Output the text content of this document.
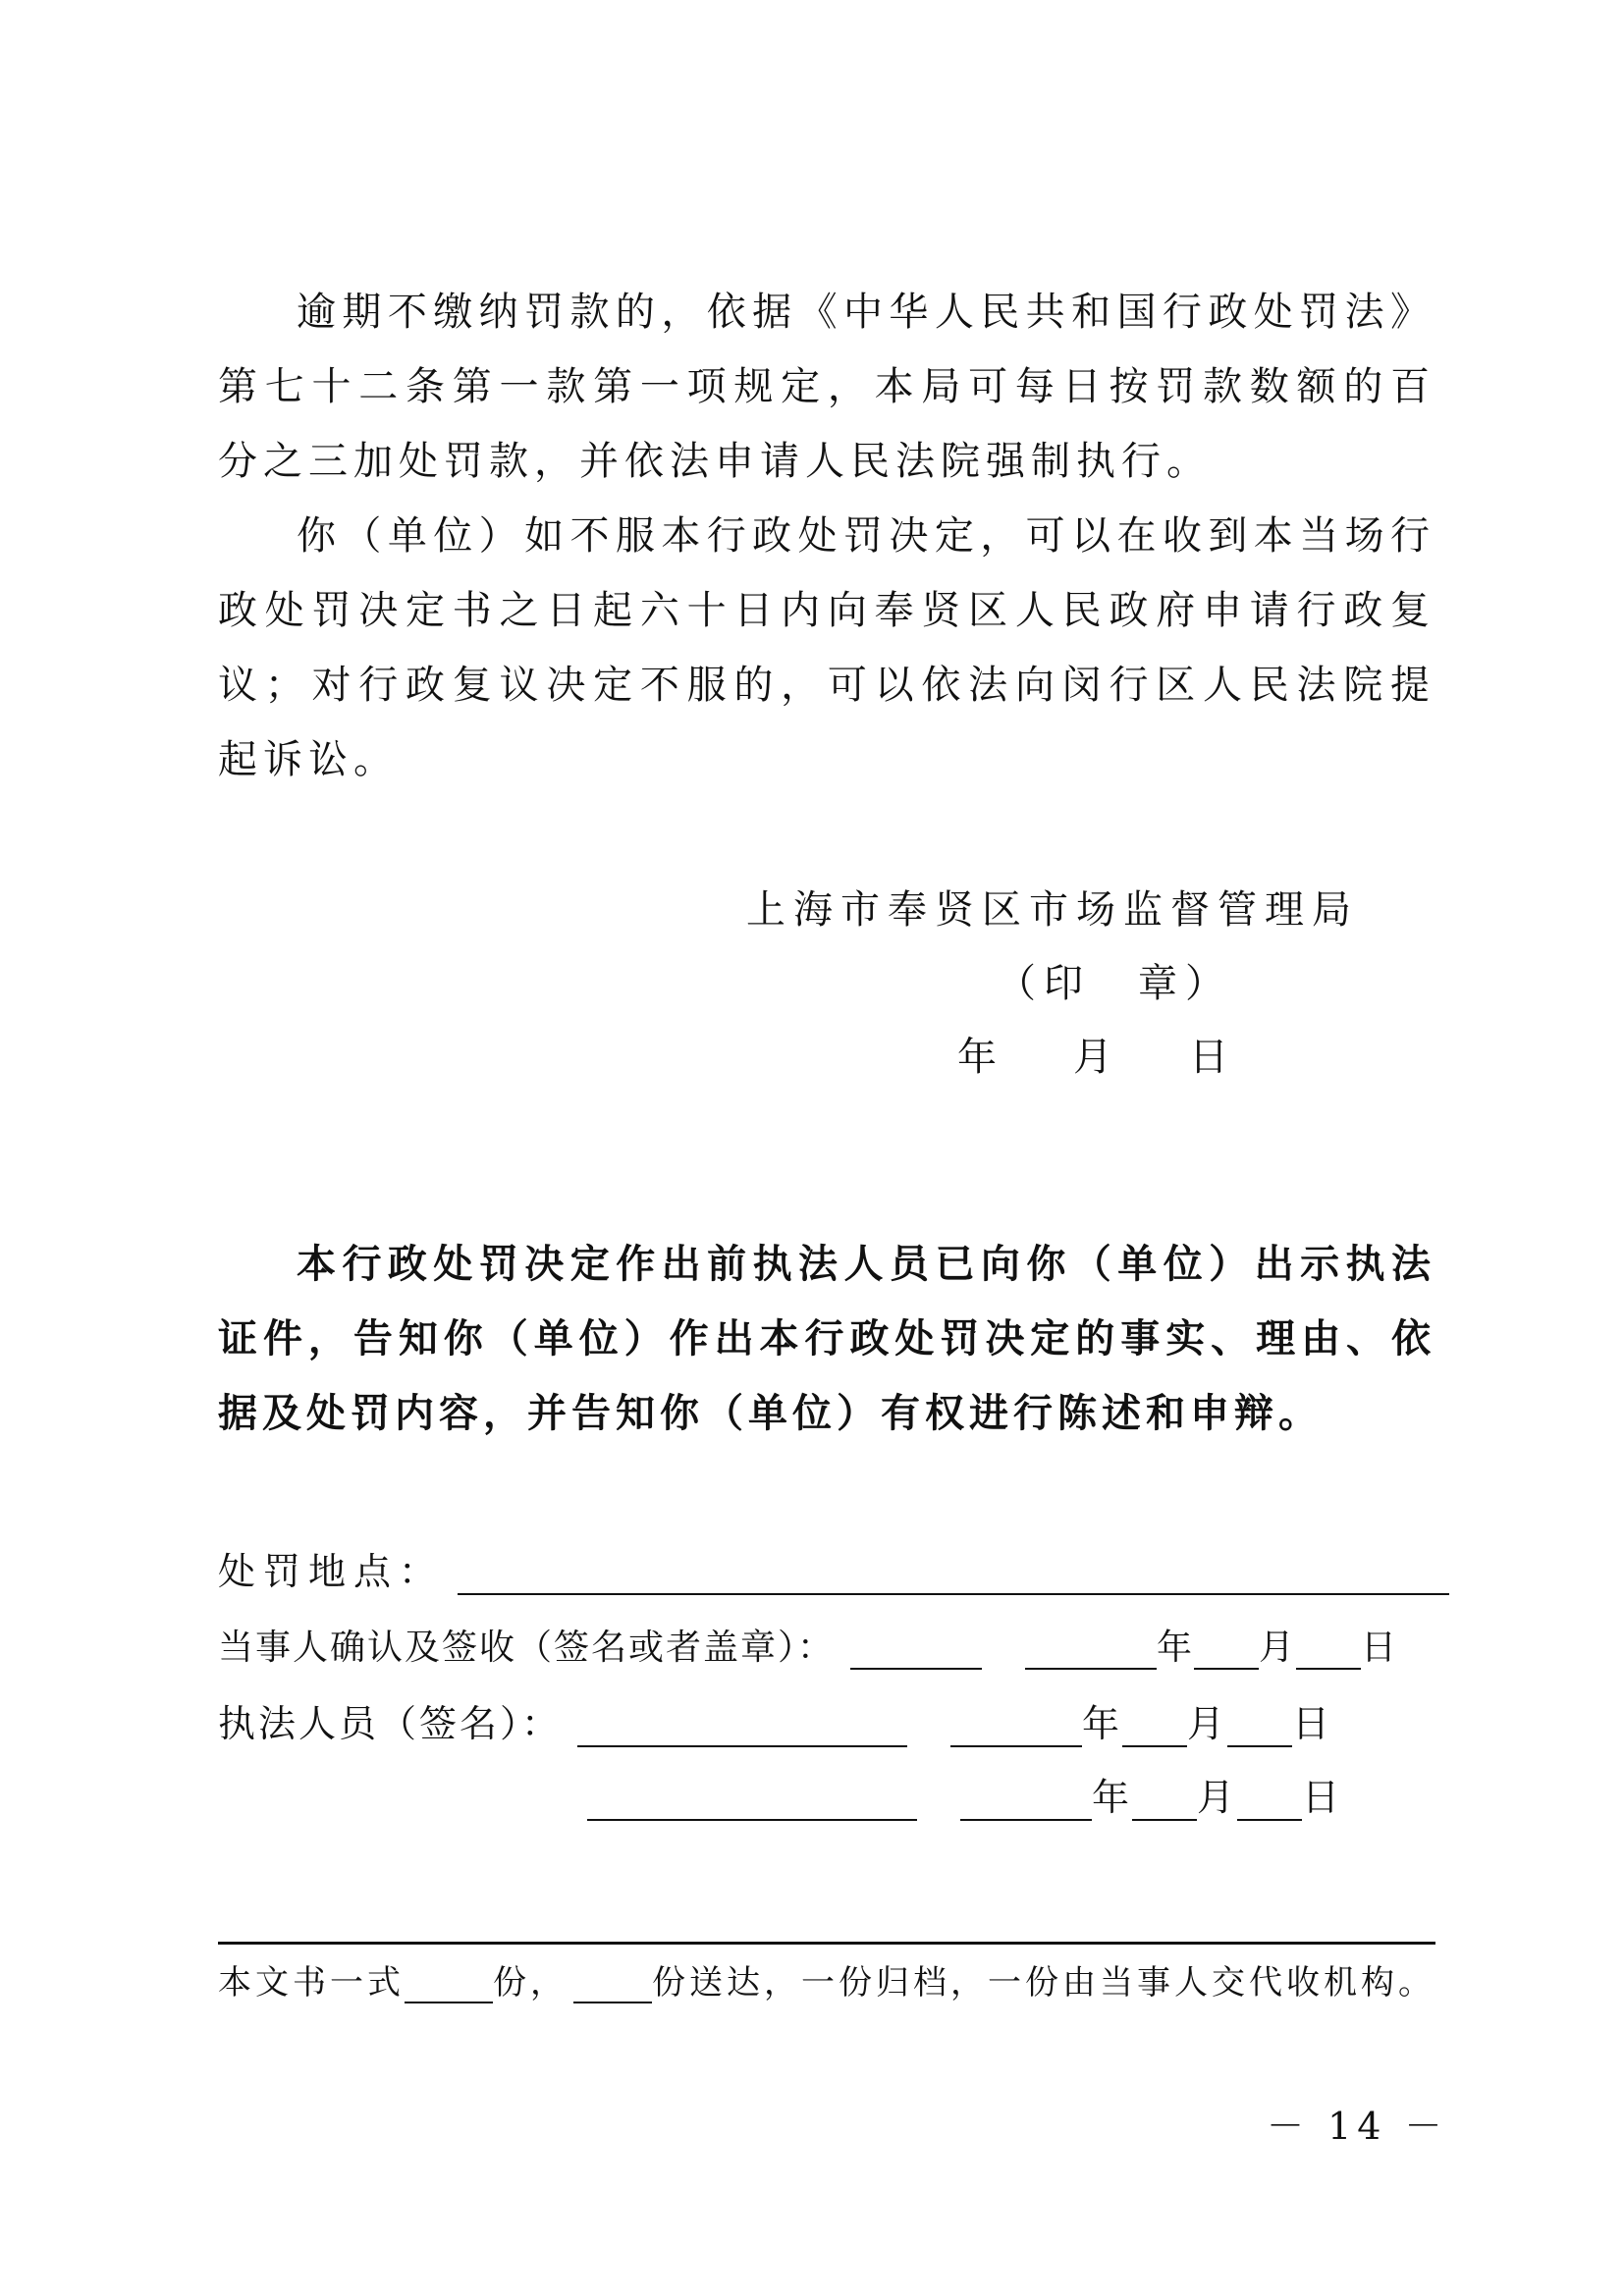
逾期不缴纳罚款的，依据《中华人民共和国行政处罚法》第七十二条第一款第一项规定，本局可每日按罚款数额的百分之三加处罚款，并依法申请人民法院强制执行。

你（单位）如不服本行政处罚决定，可以在收到本当场行政处罚决定书之日起六十日内向奉贤区人民政府申请行政复议；对行政复议决定不服的，可以依法向闵行区人民法院提起诉讼。

上海市奉贤区市场监督管理局
（印　章）
年 月 日

本行政处罚决定作出前执法人员已向你（单位）出示执法证件，告知你（单位）作出本行政处罚决定的事实、理由、依据及处罚内容，并告知你（单位）有权进行陈述和申辩。

处罚地点：
当事人确认及签收（签名或者盖章）：	年 月 日
执法人员（签名）：	年 月 日
年 月 日
本文书一式	份，	份送达，一份归档，一份由当事人交代收机构。
－ 14 －
